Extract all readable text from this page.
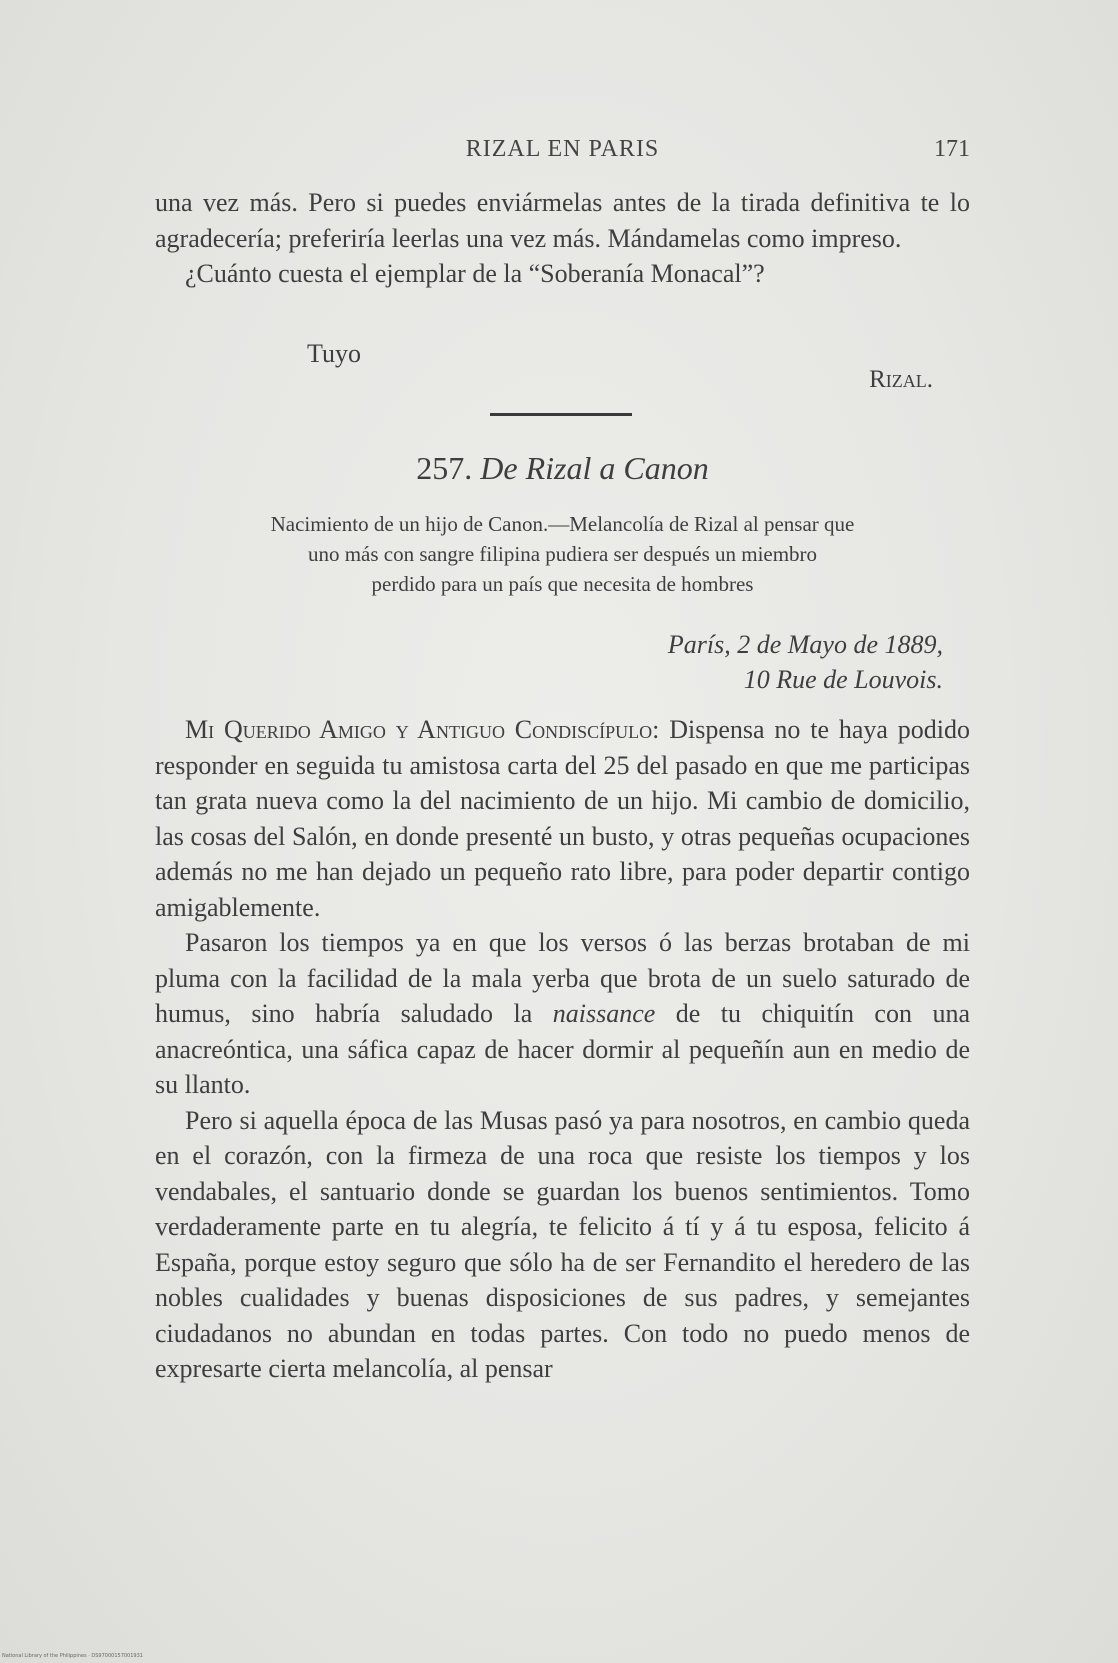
RIZAL EN PARIS	171

una vez más. Pero si puedes enviármelas antes de la tirada definitiva te lo agradecería; preferiría leerlas una vez más. Mándamelas como impreso.

¿Cuánto cuesta el ejemplar de la “Soberanía Monacal”?

Tuyo
Rizal.
257. De Rizal a Canon

Nacimiento de un hijo de Canon.—Melancolía de Rizal al pensar que

uno más con sangre filipina pudiera ser después un miembro

perdido para un país que necesita de hombres

París, 2 de Mayo de 1889,
10 Rue de Louvois.

Mi Querido Amigo y Antiguo Condiscípulo: Dispensa no te haya podido responder en seguida tu amistosa carta del 25 del pasado en que me participas tan grata nueva como la del nacimiento de un hijo. Mi cambio de domicilio, las cosas del Salón, en donde presenté un busto, y otras pequeñas ocupaciones además no me han dejado un pequeño rato libre, para poder departir contigo amigablemente.

Pasaron los tiempos ya en que los versos ó las berzas brotaban de mi pluma con la facilidad de la mala yerba que brota de un suelo saturado de humus, sino habría saludado la naissance de tu chiquitín con una anacreóntica, una sáfica capaz de hacer dormir al pequeñín aun en medio de su llanto.

Pero si aquella época de las Musas pasó ya para nosotros, en cambio queda en el corazón, con la firmeza de una roca que resiste los tiempos y los vendabales, el santuario donde se guardan los buenos sentimientos. Tomo verdaderamente parte en tu alegría, te felicito á tí y á tu esposa, felicito á España, porque estoy seguro que sólo ha de ser Fernandito el heredero de las nobles cualidades y buenas disposiciones de sus padres, y semejantes ciudadanos no abundan en todas partes. Con todo no puedo menos de expresarte cierta melancolía, al pensar

National Library of the Philippines · DS97000157001931
